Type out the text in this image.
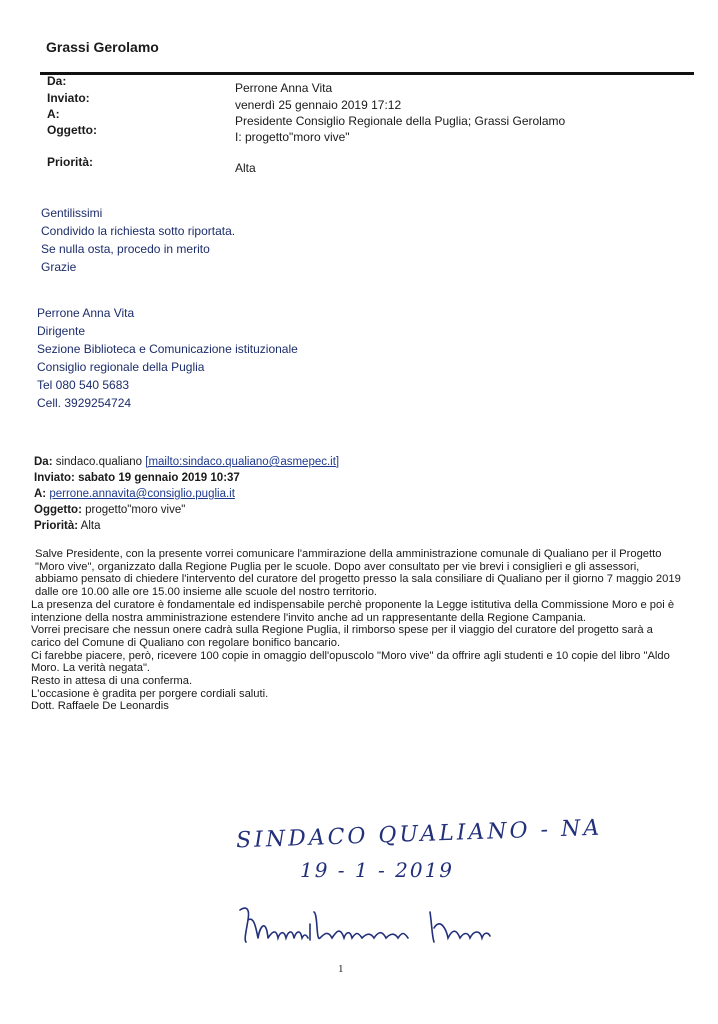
Grassi Gerolamo
Da:	Perrone Anna Vita
Inviato:	venerdì 25 gennaio 2019 17:12
A:	Presidente Consiglio Regionale della Puglia; Grassi Gerolamo
Oggetto:	I: progetto"moro vive"
Priorità:	Alta
Gentilissimi
Condivido la richiesta sotto riportata.
Se nulla osta, procedo in merito
Grazie
Perrone Anna Vita
Dirigente
Sezione Biblioteca e Comunicazione istituzionale
Consiglio regionale della Puglia
Tel 080 540 5683
Cell. 3929254724
Da: sindaco.qualiano [mailto:sindaco.qualiano@asmepec.it]
Inviato: sabato 19 gennaio 2019 10:37
A: perrone.annavita@consiglio.puglia.it
Oggetto: progetto"moro vive"
Priorità: Alta

Salve Presidente, con la presente vorrei comunicare l'ammirazione della amministrazione comunale di Qualiano per il Progetto "Moro vive", organizzato dalla Regione Puglia per le scuole. Dopo aver consultato per vie brevi i consiglieri e gli assessori, abbiamo pensato di chiedere l'intervento del curatore del progetto presso la sala consiliare di Qualiano per il giorno 7 maggio 2019 dalle ore 10.00 alle ore 15.00 insieme alle scuole del nostro territorio.

La presenza del curatore è fondamentale ed indispensabile perchè proponente la Legge istitutiva della Commissione Moro e poi è intenzione della nostra amministrazione estendere l'invito anche ad un rappresentante della Regione Campania.

Vorrei precisare che nessun onere cadrà sulla Regione Puglia, il rimborso spese per il viaggio del curatore del progetto sarà a carico del Comune di Qualiano con regolare bonifico bancario.

Ci farebbe piacere, però, ricevere 100 copie in omaggio dell'opuscolo "Moro vive" da offrire agli studenti e 10 copie del libro "Aldo Moro. La verità negata".

Resto in attesa di una conferma.

L'occasione è gradita per porgere cordiali saluti.

Dott. Raffaele De Leonardis

SINDACO QUALIANO - NA
19 - 1 - 2019
1
